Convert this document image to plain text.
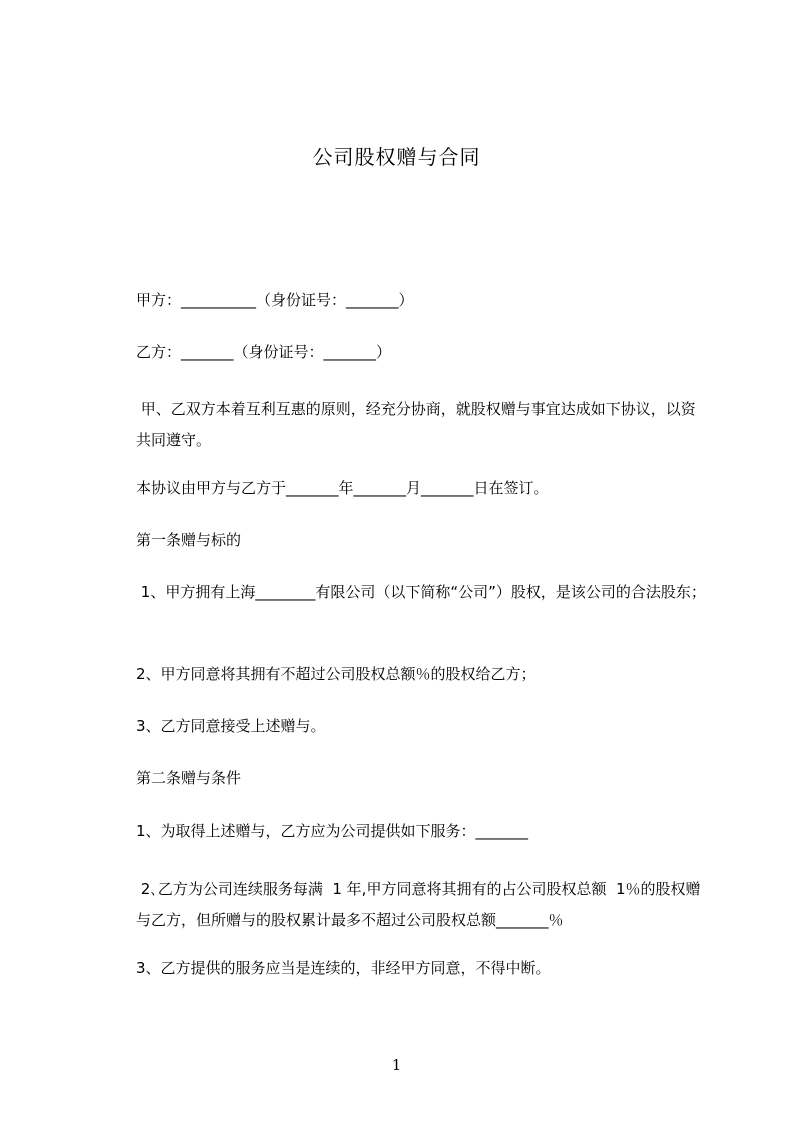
公司股权赠与合同
甲方：__________（身份证号：_______）
乙方：_______（身份证号：_______）
甲、乙双方本着互利互惠的原则，经充分协商，就股权赠与事宜达成如下协议，以资共同遵守。
本协议由甲方与乙方于_______年_______月_______日在签订。
第一条赠与标的
1、甲方拥有上海________有限公司（以下简称“公司”）股权，是该公司的合法股东；
2、甲方同意将其拥有不超过公司股权总额％的股权给乙方；
3、乙方同意接受上述赠与。
第二条赠与条件
1、为取得上述赠与，乙方应为公司提供如下服务：_______
2､乙方为公司连续服务每满  1 年,甲方同意将其拥有的占公司股权总额  1％的股权赠与乙方，但所赠与的股权累计最多不超过公司股权总额_______％
3、乙方提供的服务应当是连续的，非经甲方同意，不得中断。
1
